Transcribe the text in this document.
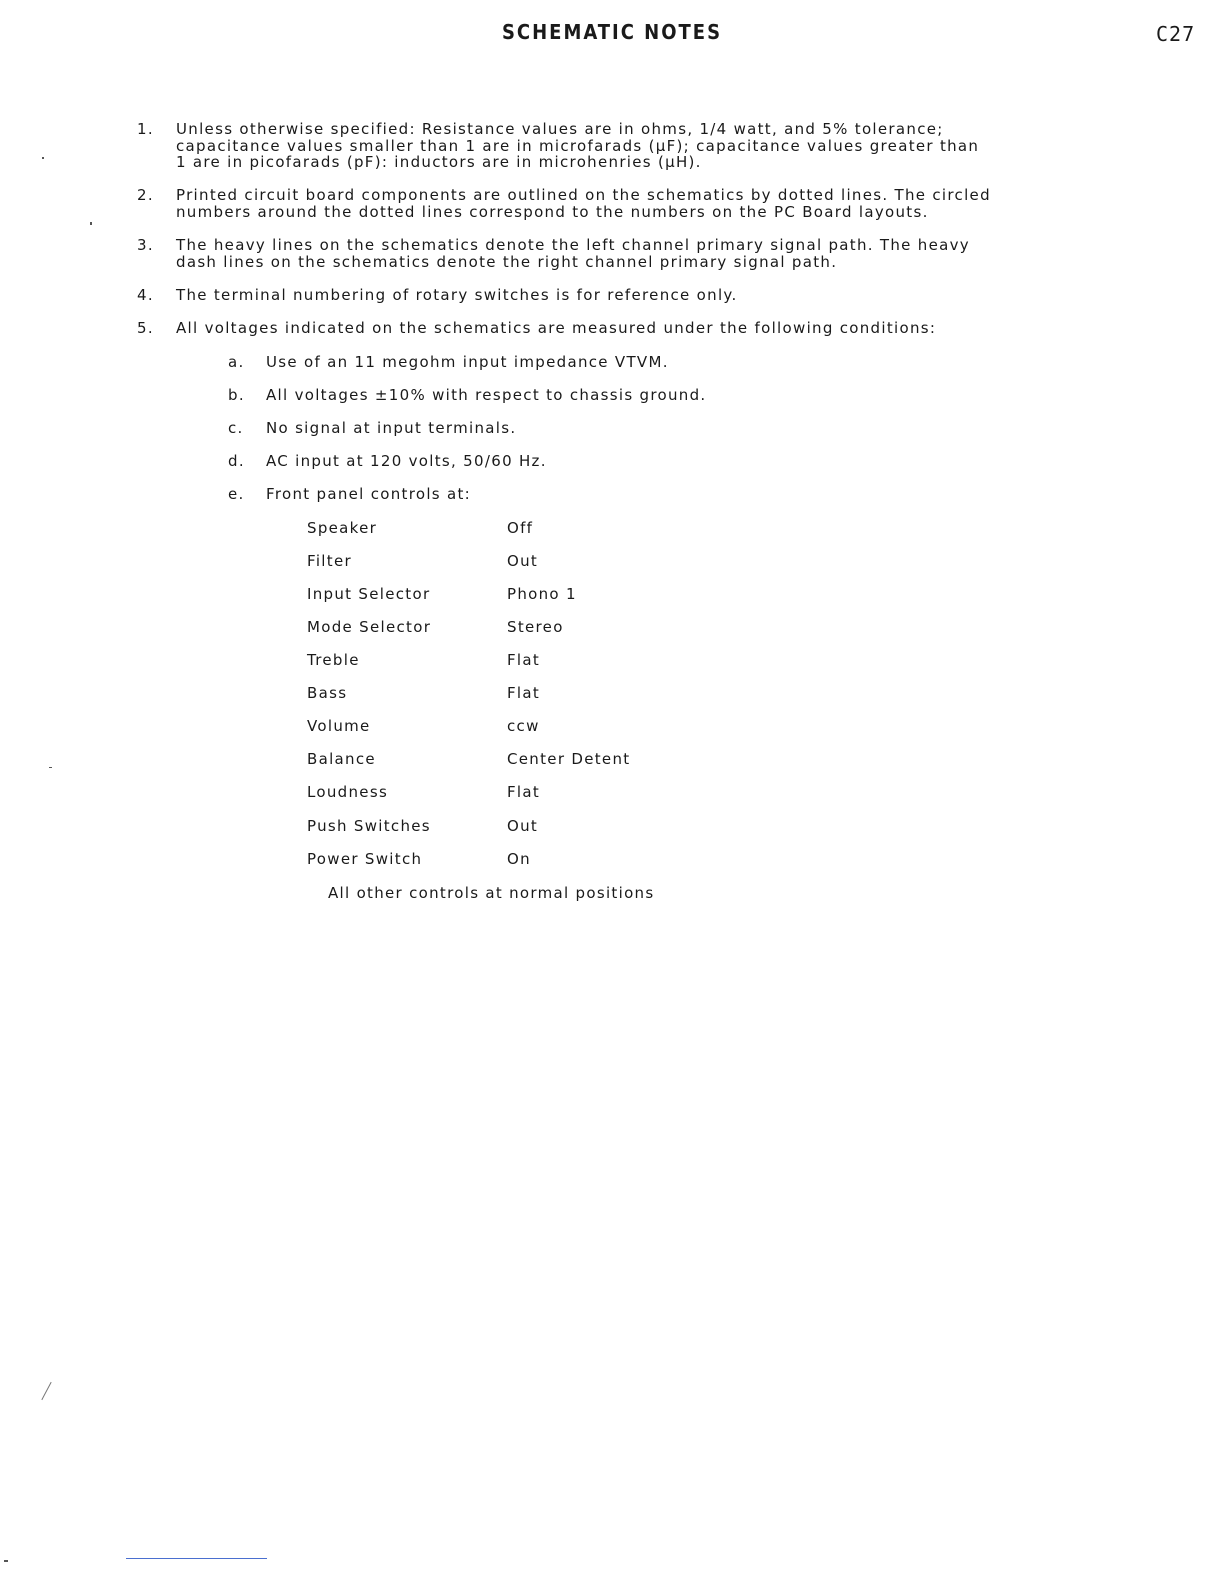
SCHEMATIC NOTES	C27
1. Unless otherwise specified: Resistance values are in ohms, 1/4 watt, and 5% tolerance;
capacitance values smaller than 1 are in microfarads (µF); capacitance values greater than
1 are in picofarads (pF): inductors are in microhenries (µH).
2. Printed circuit board components are outlined on the schematics by dotted lines. The circled
numbers around the dotted lines correspond to the numbers on the PC Board layouts.
3. The heavy lines on the schematics denote the left channel primary signal path. The heavy
dash lines on the schematics denote the right channel primary signal path.
4. The terminal numbering of rotary switches is for reference only.
5. All voltages indicated on the schematics are measured under the following conditions:
a. Use of an 11 megohm input impedance VTVM.
b. All voltages ±10% with respect to chassis ground.
c. No signal at input terminals.
d. AC input at 120 volts, 50/60 Hz.
e. Front panel controls at:
Speaker	Off
Filter	Out
Input Selector	Phono 1
Mode Selector	Stereo
Treble	Flat
Bass	Flat
Volume	ccw
Balance	Center Detent
Loudness	Flat
Push Switches	Out
Power Switch	On
All other controls at normal positions
